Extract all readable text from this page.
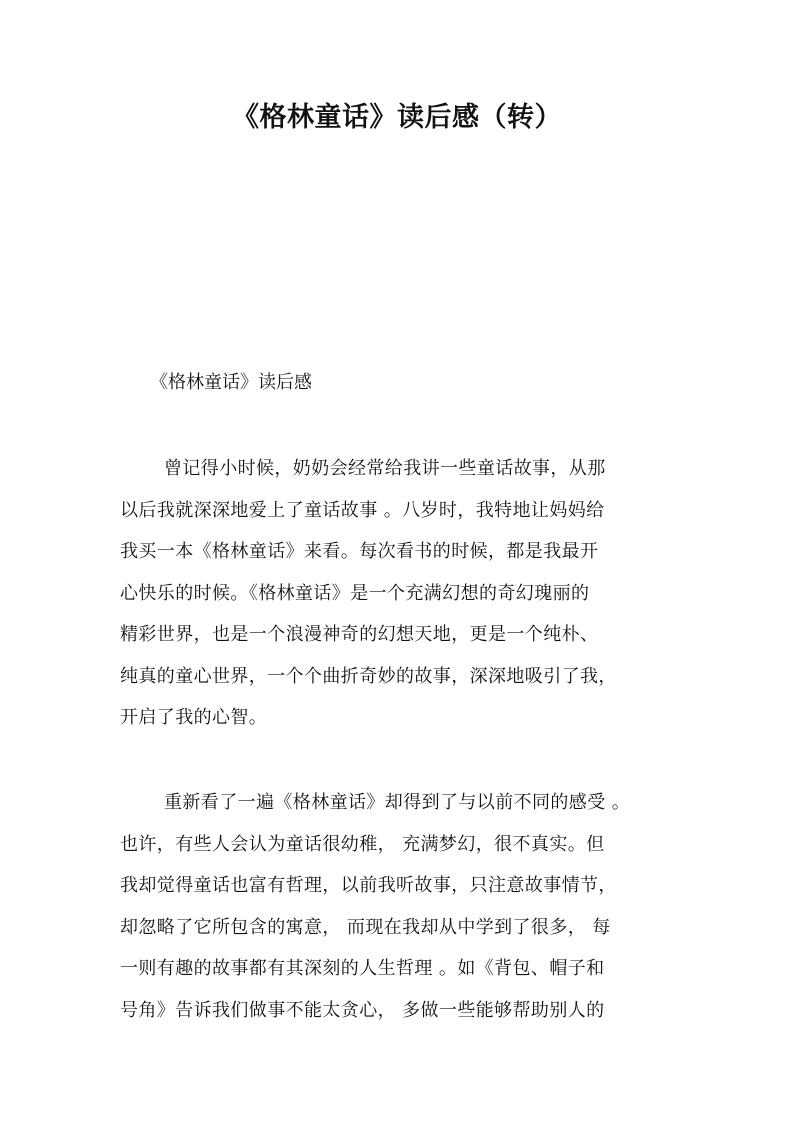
《格林童话》读后感（转）
《格林童话》读后感
曾记得小时候，奶奶会经常给我讲一些童话故事，从那
以后我就深深地爱上了童话故事 。八岁时，我特地让妈妈给
我买一本《格林童话》来看。每次看书的时候，都是我最开
心快乐的时候。《格林童话》是一个充满幻想的奇幻瑰丽的
精彩世界，也是一个浪漫神奇的幻想天地，更是一个纯朴、
纯真的童心世界，一个个曲折奇妙的故事，深深地吸引了我，
开启了我的心智。
重新看了一遍《格林童话》却得到了与以前不同的感受 。
也许，有些人会认为童话很幼稚， 充满梦幻，很不真实。但
我却觉得童话也富有哲理，以前我听故事，只注意故事情节，
却忽略了它所包含的寓意， 而现在我却从中学到了很多， 每
一则有趣的故事都有其深刻的人生哲理 。如《背包、帽子和
号角》告诉我们做事不能太贪心， 多做一些能够帮助别人的
